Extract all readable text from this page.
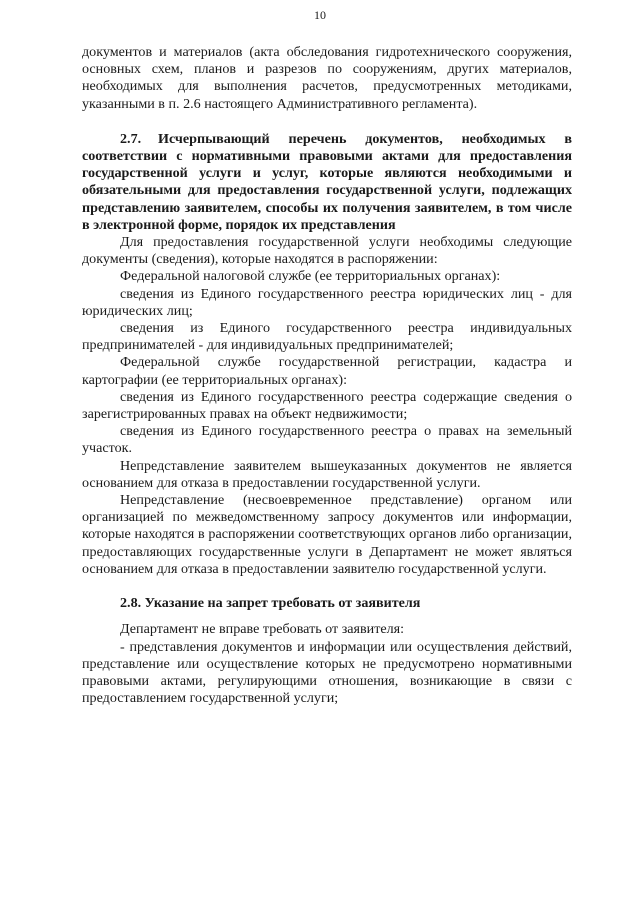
10

документов и материалов (акта обследования гидротехнического сооружения, основных схем, планов и разрезов по сооружениям, других материалов, необходимых для выполнения расчетов, предусмотренных методиками, указанными в п. 2.6 настоящего Административного регламента).

2.7. Исчерпывающий перечень документов, необходимых в соответствии с нормативными правовыми актами для предоставления государственной услуги и услуг, которые являются необходимыми и обязательными для предоставления государственной услуги, подлежащих представлению заявителем, способы их получения заявителем, в том числе в электронной форме, порядок их представления

Для предоставления государственной услуги необходимы следующие документы (сведения), которые находятся в распоряжении:

Федеральной налоговой службе (ее территориальных органах):

сведения из Единого государственного реестра юридических лиц - для юридических лиц;

сведения из Единого государственного реестра индивидуальных предпринимателей - для индивидуальных предпринимателей;

Федеральной службе государственной регистрации, кадастра и картографии (ее территориальных органах):

сведения из Единого государственного реестра содержащие сведения о зарегистрированных правах на объект недвижимости;

сведения из Единого государственного реестра о правах на земельный участок.

Непредставление заявителем вышеуказанных документов не является основанием для отказа в предоставлении государственной услуги.

Непредставление (несвоевременное представление) органом или организацией по межведомственному запросу документов или информации, которые находятся в распоряжении соответствующих органов либо организации, предоставляющих государственные услуги в Департамент не может являться основанием для отказа в предоставлении заявителю государственной услуги.

2.8. Указание на запрет требовать от заявителя

Департамент не вправе требовать от заявителя:

- представления документов и информации или осуществления действий, представление или осуществление которых не предусмотрено нормативными правовыми актами, регулирующими отношения, возникающие в связи с предоставлением государственной услуги;
